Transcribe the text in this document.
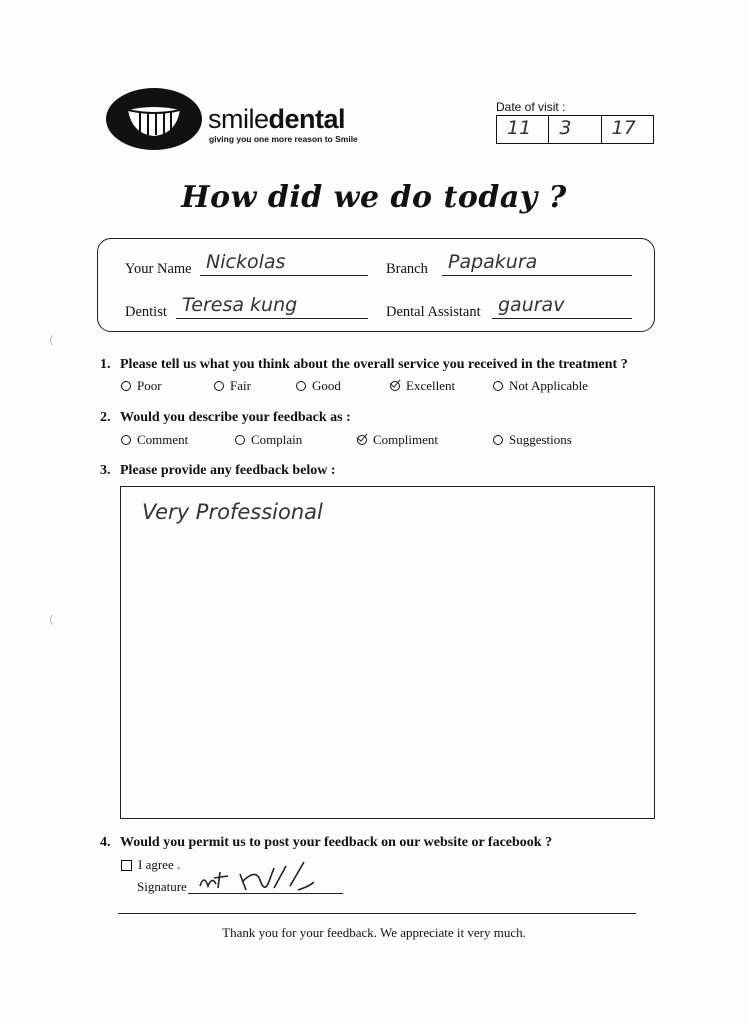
smiledental
giving you one more reason to Smile
Date of visit :
11 3 17
How did we do today ?
Your Name Nickolas	Branch Papakura
Dentist Teresa kung	Dental Assistant gaurav
1. Please tell us what you think about the overall service you received in the treatment ?
Poor	Fair	Good	Excellent	Not Applicable
2. Would you describe your feedback as :
Comment	Complain	Compliment	Suggestions
3. Please provide any feedback below :
Very Professional
4. Would you permit us to post your feedback on our website or facebook ?
I agree .
Signature
Thank you for your feedback. We appreciate it very much.
